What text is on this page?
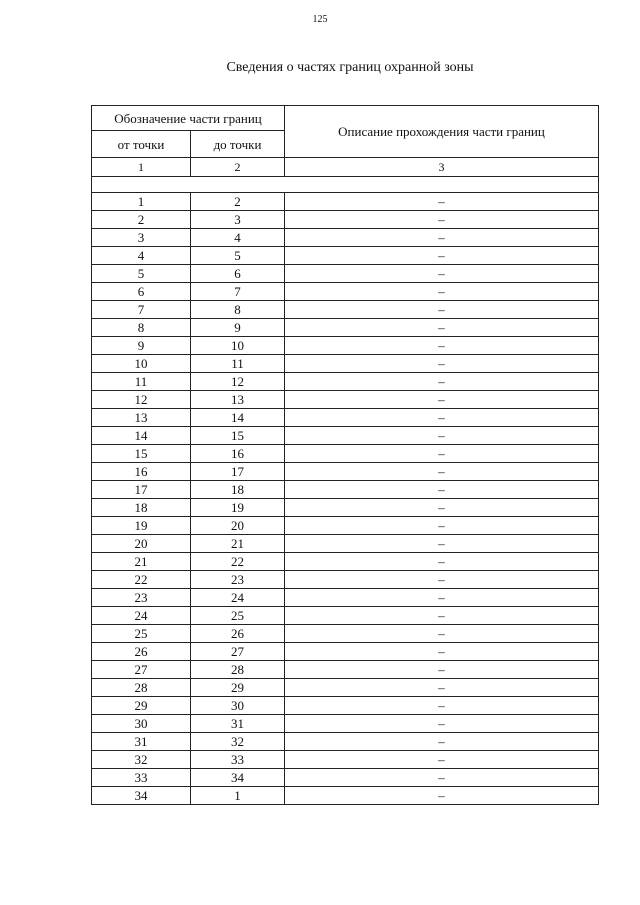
125
Сведения о частях границ охранной зоны
Обозначение части границ		Описание прохождения части границ
от точки	до точки	
1	2	3

1	2	–
2	3	–
3	4	–
4	5	–
5	6	–
6	7	–
7	8	–
8	9	–
9	10	–
10	11	–
11	12	–
12	13	–
13	14	–
14	15	–
15	16	–
16	17	–
17	18	–
18	19	–
19	20	–
20	21	–
21	22	–
22	23	–
23	24	–
24	25	–
25	26	–
26	27	–
27	28	–
28	29	–
29	30	–
30	31	–
31	32	–
32	33	–
33	34	–
34	1	–
